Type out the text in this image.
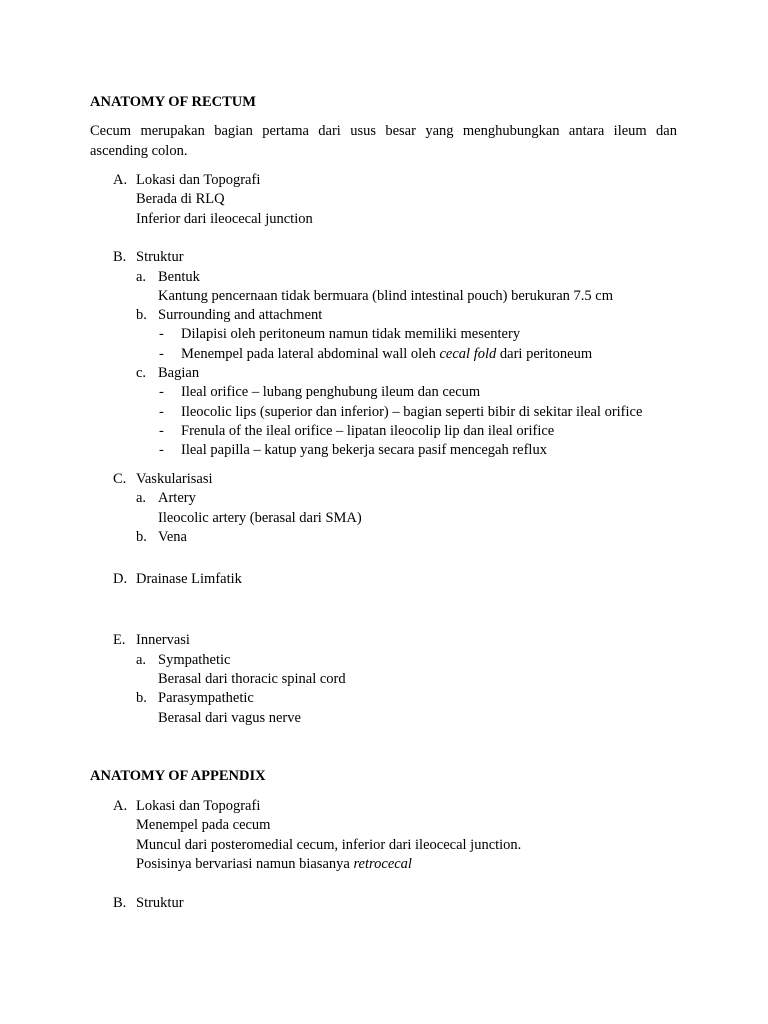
ANATOMY OF RECTUM
Cecum merupakan bagian pertama dari usus besar yang menghubungkan antara ileum dan
ascending colon.
A. Lokasi dan Topografi
Berada di RLQ
Inferior dari ileocecal junction
B. Struktur
a. Bentuk
Kantung pencernaan tidak bermuara (blind intestinal pouch) berukuran 7.5 cm
b. Surrounding and attachment
- Dilapisi oleh peritoneum namun tidak memiliki mesentery
- Menempel pada lateral abdominal wall oleh cecal fold dari peritoneum
c. Bagian
- Ileal orifice – lubang penghubung ileum dan cecum
- Ileocolic lips (superior dan inferior) – bagian seperti bibir di sekitar ileal orifice
- Frenula of the ileal orifice – lipatan ileocolip lip dan ileal orifice
- Ileal papilla – katup yang bekerja secara pasif mencegah reflux
C. Vaskularisasi
a. Artery
Ileocolic artery (berasal dari SMA)
b. Vena
D. Drainase Limfatik
E. Innervasi
a. Sympathetic
Berasal dari thoracic spinal cord
b. Parasympathetic
Berasal dari vagus nerve
ANATOMY OF APPENDIX
A. Lokasi dan Topografi
Menempel pada cecum
Muncul dari posteromedial cecum, inferior dari ileocecal junction.
Posisinya bervariasi namun biasanya retrocecal
B. Struktur
